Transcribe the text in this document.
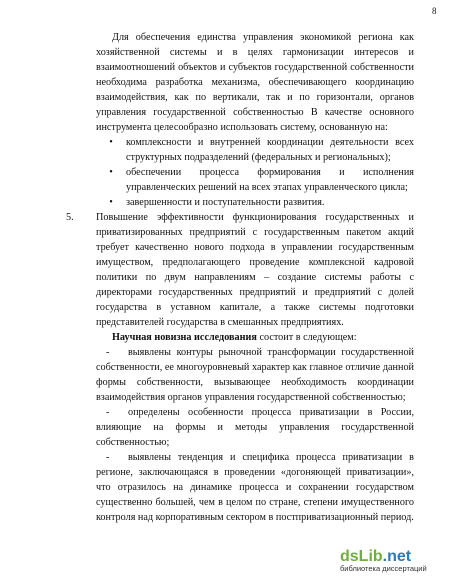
8
Для обеспечения единства управления экономикой региона как хозяйственной системы и в целях гармонизации интересов и взаимоотношений объектов и субъектов государственной собственности необходима разработка механизма, обеспечивающего координацию взаимодействия, как по вертикали, так и по горизонтали, органов управления государственной собственностью В качестве основного инструмента целесообразно использовать систему, основанную на:
•	комплексности и внутренней координации деятельности всех структурных подразделений (федеральных и региональных);
•	обеспечении процесса формирования и исполнения управленческих решений на всех этапах управленческого цикла;
•	завершенности и поступательности развития.
5. Повышение эффективности функционирования государственных и приватизированных предприятий с государственным пакетом акций требует качественно нового подхода в управлении государственным имуществом, предполагающего проведение комплексной кадровой политики по двум направлениям – создание системы работы с директорами государственных предприятий и предприятий с долей государства в уставном капитале, а также системы подготовки представителей государства в смешанных предприятиях.
Научная новизна исследования состоит в следующем:
- выявлены контуры рыночной трансформации государственной собственности, ее многоуровневый характер как главное отличие данной формы собственности, вызывающее необходимость координации взаимодействия органов управления государственной собственностью;
- определены особенности процесса приватизации в России, влияющие на формы и методы управления государственной собственностью;
- выявлены тенденция и специфика процесса приватизации в регионе, заключающаяся в проведении «догоняющей приватизации», что отразилось на динамике процесса и сохранении государством существенно большей, чем в целом по стране, степени имущественного контроля над корпоративным сектором в постприватизационный период.
dsLib.net
библиотека диссертаций
